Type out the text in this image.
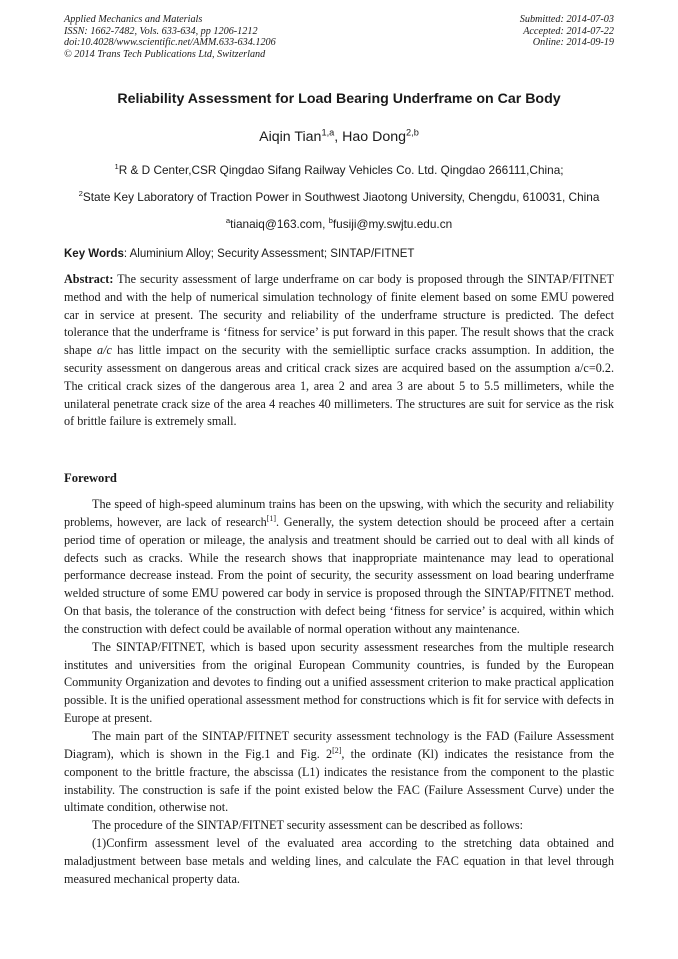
Applied Mechanics and Materials
ISSN: 1662-7482, Vols. 633-634, pp 1206-1212
doi:10.4028/www.scientific.net/AMM.633-634.1206
© 2014 Trans Tech Publications Ltd, Switzerland
Submitted: 2014-07-03
Accepted: 2014-07-22
Online: 2014-09-19
Reliability Assessment for Load Bearing Underframe on Car Body
Aiqin Tian$^{1,a}$, Hao Dong$^{2,b}$
$^1$R & D Center,CSR Qingdao Sifang Railway Vehicles Co. Ltd. Qingdao 266111,China;
$^2$State Key Laboratory of Traction Power in Southwest Jiaotong University, Chengdu, 610031, China
$^a$tianaiq@163.com, $^b$fusiji@my.swjtu.edu.cn
Key Words: Aluminium Alloy; Security Assessment; SINTAP/FITNET

Abstract: The security assessment of large underframe on car body is proposed through the SINTAP/FITNET method and with the help of numerical simulation technology of finite element based on some EMU powered car in service at present. The security and reliability of the underframe structure is predicted. The defect tolerance that the underframe is ‘fitness for service’ is put forward in this paper. The result shows that the crack shape a/c has little impact on the security with the semielliptic surface cracks assumption. In addition, the security assessment on dangerous areas and critical crack sizes are acquired based on the assumption a/c=0.2. The critical crack sizes of the dangerous area 1, area 2 and area 3 are about 5 to 5.5 millimeters, while the unilateral penetrate crack size of the area 4 reaches 40 millimeters. The structures are suit for service as the risk of brittle failure is extremely small.

Foreword

The speed of high-speed aluminum trains has been on the upswing, with which the security and reliability problems, however, are lack of research[1]. Generally, the system detection should be proceed after a certain period time of operation or mileage, the analysis and treatment should be carried out to deal with all kinds of defects such as cracks. While the research shows that inappropriate maintenance may lead to operational performance decrease instead. From the point of security, the security assessment on load bearing underframe welded structure of some EMU powered car body in service is proposed through the SINTAP/FITNET method. On that basis, the tolerance of the construction with defect being ‘fitness for service’ is acquired, within which the construction with defect could be available of normal operation without any maintenance.

The SINTAP/FITNET, which is based upon security assessment researches from the multiple research institutes and universities from the original European Community countries, is funded by the European Community Organization and devotes to finding out a unified assessment criterion to make practical application possible. It is the unified operational assessment method for constructions which is fit for service with defects in Europe at present.

The main part of the SINTAP/FITNET security assessment technology is the FAD (Failure Assessment Diagram), which is shown in the Fig.1 and Fig. 2[2], the ordinate (Kl) indicates the resistance from the component to the brittle fracture, the abscissa (L1) indicates the resistance from the component to the plastic instability. The construction is safe if the point existed below the FAC (Failure Assessment Curve) under the ultimate condition, otherwise not.

The procedure of the SINTAP/FITNET security assessment can be described as follows:

(1)Confirm assessment level of the evaluated area according to the stretching data obtained and maladjustment between base metals and welding lines, and calculate the FAC equation in that level through measured mechanical property data.
